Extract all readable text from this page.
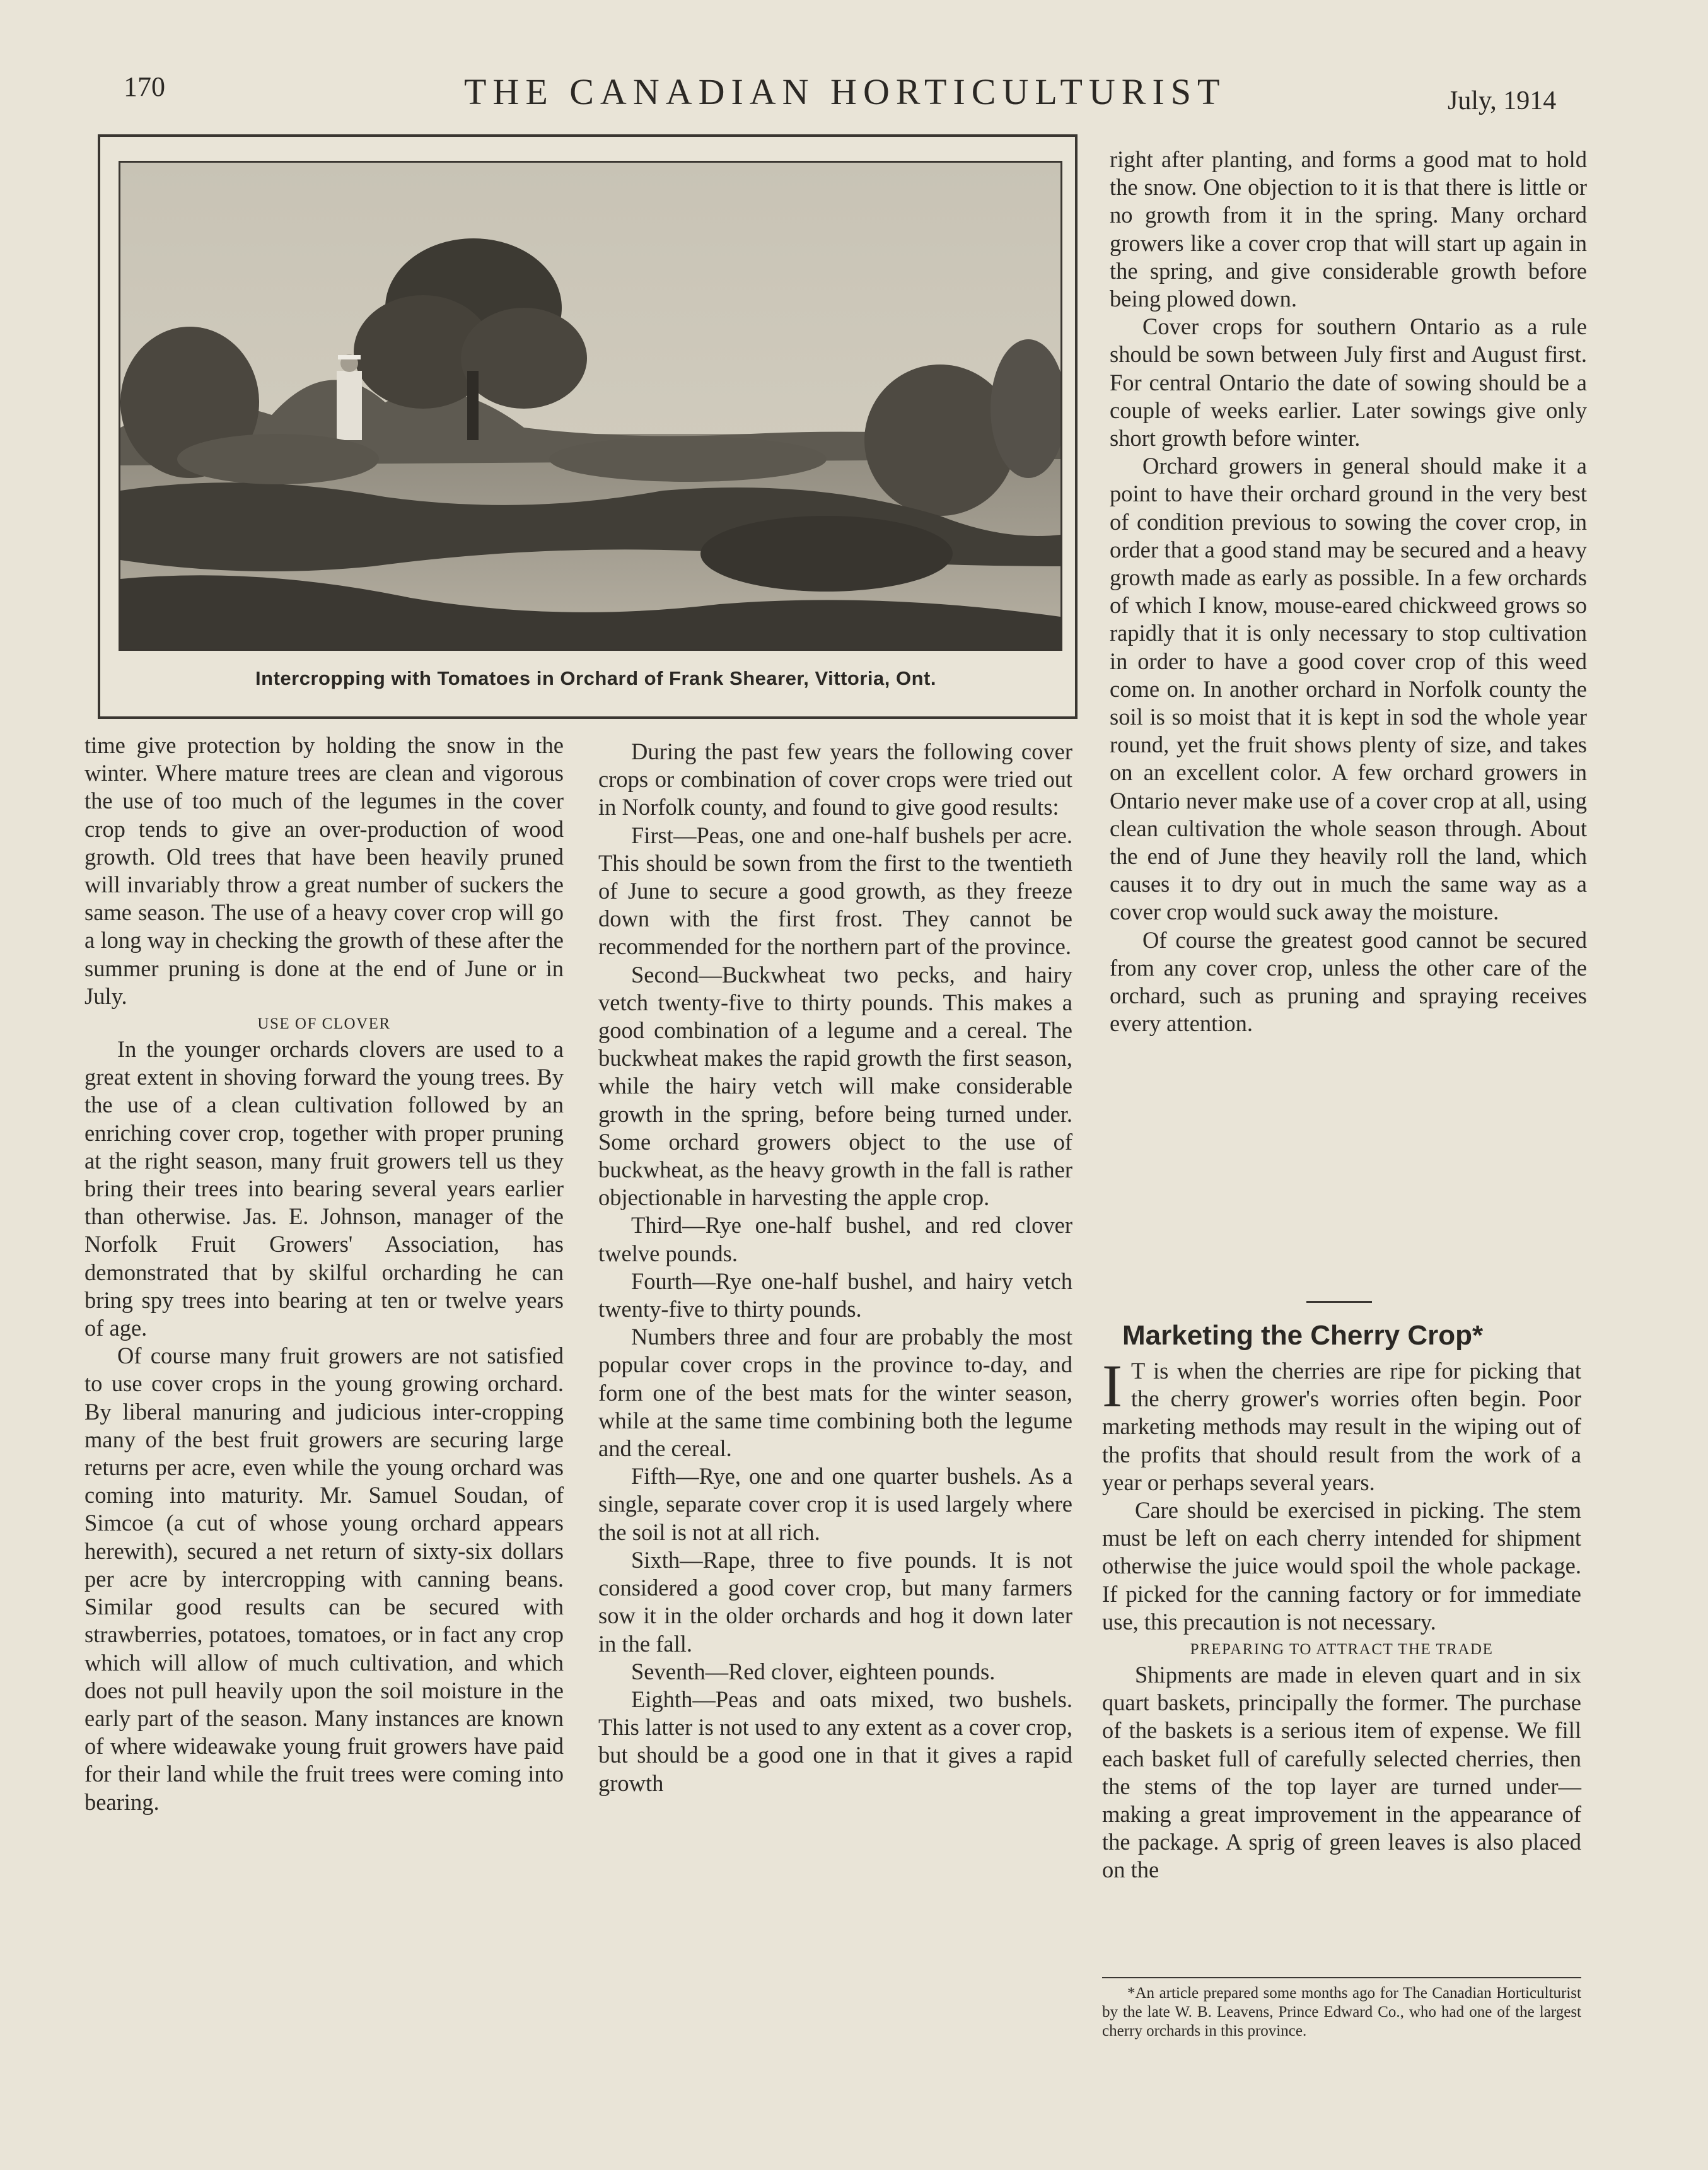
170	THE CANADIAN HORTICULTURIST	July, 1914
Intercropping with Tomatoes in Orchard of Frank Shearer, Vittoria, Ont.

time give protection by holding the snow in the winter. Where mature trees are clean and vigorous the use of too much of the legumes in the cover crop tends to give an over-production of wood growth. Old trees that have been heavily pruned will invariably throw a great number of suckers the same season. The use of a heavy cover crop will go a long way in checking the growth of these after the summer pruning is done at the end of June or in July.

USE OF CLOVER

In the younger orchards clovers are used to a great extent in shoving forward the young trees. By the use of a clean cultivation followed by an enriching cover crop, together with proper pruning at the right season, many fruit growers tell us they bring their trees into bearing several years earlier than otherwise. Jas. E. Johnson, manager of the Norfolk Fruit Growers' Association, has demonstrated that by skilful orcharding he can bring spy trees into bearing at ten or twelve years of age.

Of course many fruit growers are not satisfied to use cover crops in the young growing orchard. By liberal manuring and judicious inter-cropping many of the best fruit growers are securing large returns per acre, even while the young orchard was coming into maturity. Mr. Samuel Soudan, of Simcoe (a cut of whose young orchard appears herewith), secured a net return of sixty-six dollars per acre by intercropping with canning beans. Similar good results can be secured with strawberries, potatoes, tomatoes, or in fact any crop which will allow of much cultivation, and which does not pull heavily upon the soil moisture in the early part of the season. Many instances are known of where wideawake young fruit growers have paid for their land while the fruit trees were coming into bearing.

During the past few years the following cover crops or combination of cover crops were tried out in Norfolk county, and found to give good results:

First—Peas, one and one-half bushels per acre. This should be sown from the first to the twentieth of June to secure a good growth, as they freeze down with the first frost. They cannot be recommended for the northern part of the province.

Second—Buckwheat two pecks, and hairy vetch twenty-five to thirty pounds. This makes a good combination of a legume and a cereal. The buckwheat makes the rapid growth the first season, while the hairy vetch will make considerable growth in the spring, before being turned under. Some orchard growers object to the use of buckwheat, as the heavy growth in the fall is rather objectionable in harvesting the apple crop.

Third—Rye one-half bushel, and red clover twelve pounds.

Fourth—Rye one-half bushel, and hairy vetch twenty-five to thirty pounds.

Numbers three and four are probably the most popular cover crops in the province to-day, and form one of the best mats for the winter season, while at the same time combining both the legume and the cereal.

Fifth—Rye, one and one quarter bushels. As a single, separate cover crop it is used largely where the soil is not at all rich.

Sixth—Rape, three to five pounds. It is not considered a good cover crop, but many farmers sow it in the older orchards and hog it down later in the fall.

Seventh—Red clover, eighteen pounds.

Eighth—Peas and oats mixed, two bushels. This latter is not used to any extent as a cover crop, but should be a good one in that it gives a rapid growth

right after planting, and forms a good mat to hold the snow. One objection to it is that there is little or no growth from it in the spring. Many orchard growers like a cover crop that will start up again in the spring, and give considerable growth before being plowed down.

Cover crops for southern Ontario as a rule should be sown between July first and August first. For central Ontario the date of sowing should be a couple of weeks earlier. Later sowings give only short growth before winter.

Orchard growers in general should make it a point to have their orchard ground in the very best of condition previous to sowing the cover crop, in order that a good stand may be secured and a heavy growth made as early as possible. In a few orchards of which I know, mouse-eared chickweed grows so rapidly that it is only necessary to stop cultivation in order to have a good cover crop of this weed come on. In another orchard in Norfolk county the soil is so moist that it is kept in sod the whole year round, yet the fruit shows plenty of size, and takes on an excellent color. A few orchard growers in Ontario never make use of a cover crop at all, using clean cultivation the whole season through. About the end of June they heavily roll the land, which causes it to dry out in much the same way as a cover crop would suck away the moisture.

Of course the greatest good cannot be secured from any cover crop, unless the other care of the orchard, such as pruning and spraying receives every attention.

Marketing the Cherry Crop*

I T is when the cherries are ripe for picking that the cherry grower's worries often begin. Poor marketing methods may result in the wiping out of the profits that should result from the work of a year or perhaps several years.

Care should be exercised in picking. The stem must be left on each cherry intended for shipment otherwise the juice would spoil the whole package. If picked for the canning factory or for immediate use, this precaution is not necessary.

PREPARING TO ATTRACT THE TRADE

Shipments are made in eleven quart and in six quart baskets, principally the former. The purchase of the baskets is a serious item of expense. We fill each basket full of carefully selected cherries, then the stems of the top layer are turned under—making a great improvement in the appearance of the package. A sprig of green leaves is also placed on the

*An article prepared some months ago for The Canadian Horticulturist by the late W. B. Leavens, Prince Edward Co., who had one of the largest cherry orchards in this province.
